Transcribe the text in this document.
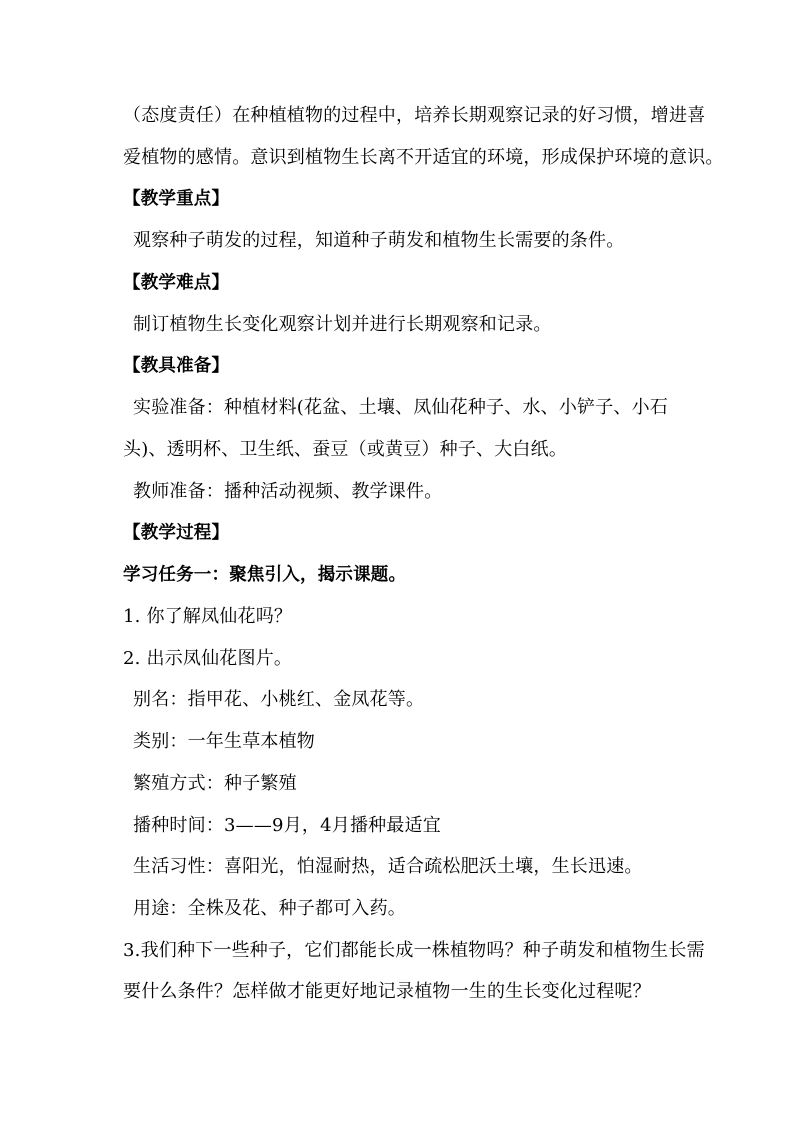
（态度责任）在种植植物的过程中，培养长期观察记录的好习惯，增进喜
爱植物的感情。意识到植物生长离不开适宜的环境，形成保护环境的意识。
【教学重点】
观察种子萌发的过程，知道种子萌发和植物生长需要的条件。
【教学难点】
制订植物生长变化观察计划并进行长期观察和记录。
【教具准备】
实验准备：种植材料(花盆、土壤、凤仙花种子、水、小铲子、小石
头)、透明杯、卫生纸、蚕豆（或黄豆）种子、大白纸。
教师准备：播种活动视频、教学课件。
【教学过程】
学习任务一：聚焦引入，揭示课题。
1. 你了解凤仙花吗？
2. 出示凤仙花图片。
别名：指甲花、小桃红、金凤花等。
类别：一年生草本植物
繁殖方式：种子繁殖
播种时间：3——9月，4月播种最适宜
生活习性：喜阳光，怕湿耐热，适合疏松肥沃土壤，生长迅速。
用途：全株及花、种子都可入药。
3.我们种下一些种子，它们都能长成一株植物吗？种子萌发和植物生长需
要什么条件？怎样做才能更好地记录植物一生的生长变化过程呢？
